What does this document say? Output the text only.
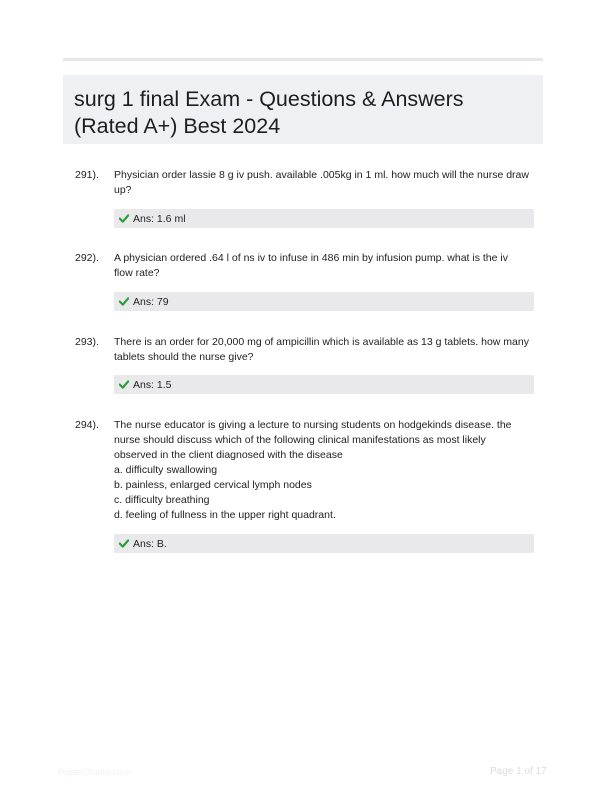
surg 1 final Exam - Questions & Answers (Rated A+) Best 2024
291). Physician order lassie 8 g iv push. available .005kg in 1 ml. how much will the nurse draw
up?
Ans: 1.6 ml
292). A physician ordered .64 l of ns iv to infuse in 486 min by infusion pump. what is the iv
flow rate?
Ans: 79
293). There is an order for 20,000 mg of ampicillin which is available as 13 g tablets. how many
tablets should the nurse give?
Ans: 1.5
294). The nurse educator is giving a lecture to nursing students on hodgekinds disease. the
nurse should discuss which of the following clinical manifestations as most likely
observed in the client diagnosed with the disease
a. difficulty swallowing
b. painless, enlarged cervical lymph nodes
c. difficulty breathing
d. feeling of fullness in the upper right quadrant.
Ans: B.
PaperStudio.com	Page 1 of 17
